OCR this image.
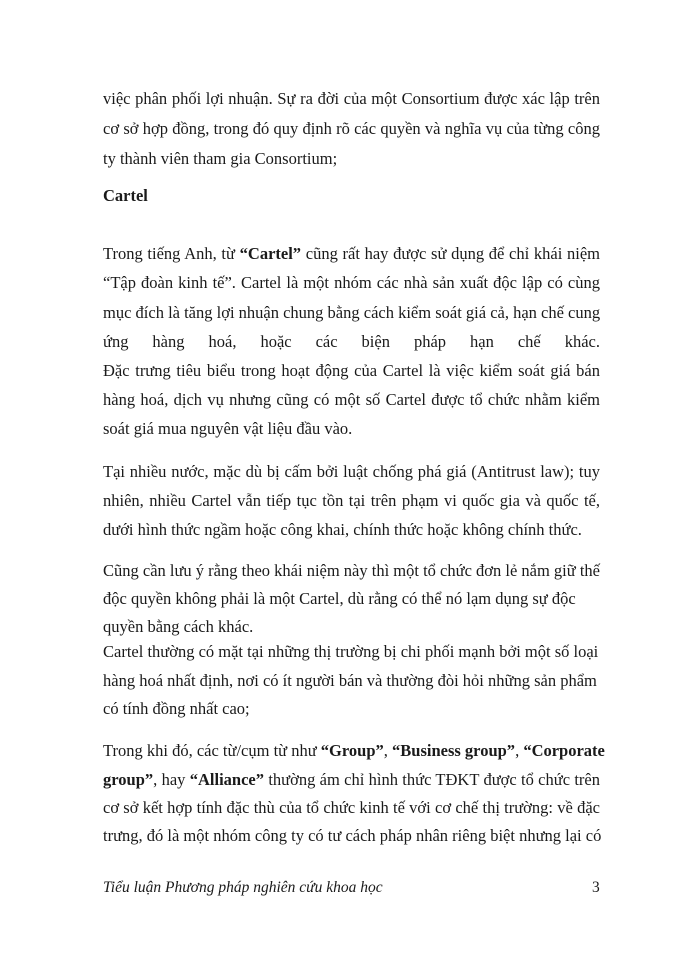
việc phân phối lợi nhuận. Sự ra đời của một Consortium được xác lập trên
cơ sở hợp đồng, trong đó quy định rõ các quyền và nghĩa vụ của từng công
ty thành viên tham gia Consortium;
Cartel
Trong tiếng Anh, từ “Cartel” cũng rất hay được sử dụng để chỉ khái niệm
“Tập đoàn kinh tế”. Cartel là một nhóm các nhà sản xuất độc lập có cùng
mục đích là tăng lợi nhuận chung bằng cách kiểm soát giá cả, hạn chế cung
ứng hàng hoá, hoặc các biện pháp hạn chế khác.
Đặc trưng tiêu biểu trong hoạt động của Cartel là việc kiểm soát giá bán
hàng hoá, dịch vụ nhưng cũng có một số Cartel được tổ chức nhằm kiểm
soát giá mua nguyên vật liệu đầu vào.
Tại nhiều nước, mặc dù bị cấm bởi luật chống phá giá (Antitrust law); tuy
nhiên, nhiều Cartel vẫn tiếp tục tồn tại trên phạm vi quốc gia và quốc tế,
dưới hình thức ngầm hoặc công khai, chính thức hoặc không chính thức.
Cũng cần lưu ý rằng theo khái niệm này thì một tổ chức đơn lẻ nắm giữ thế
độc quyền không phải là một Cartel, dù rằng có thể nó lạm dụng sự độc
quyền bằng cách khác.
Cartel thường có mặt tại những thị trường bị chi phối mạnh bởi một số loại
hàng hoá nhất định, nơi có ít người bán và thường đòi hỏi những sản phẩm
có tính đồng nhất cao;
Trong khi đó, các từ/cụm từ như “Group”, “Business group”, “Corporate
group”, hay “Alliance” thường ám chỉ hình thức TĐKT được tổ chức trên
cơ sở kết hợp tính đặc thù của tổ chức kinh tế với cơ chế thị trường: về đặc
trưng, đó là một nhóm công ty có tư cách pháp nhân riêng biệt nhưng lại có
Tiểu luận Phương pháp nghiên cứu khoa học	3
